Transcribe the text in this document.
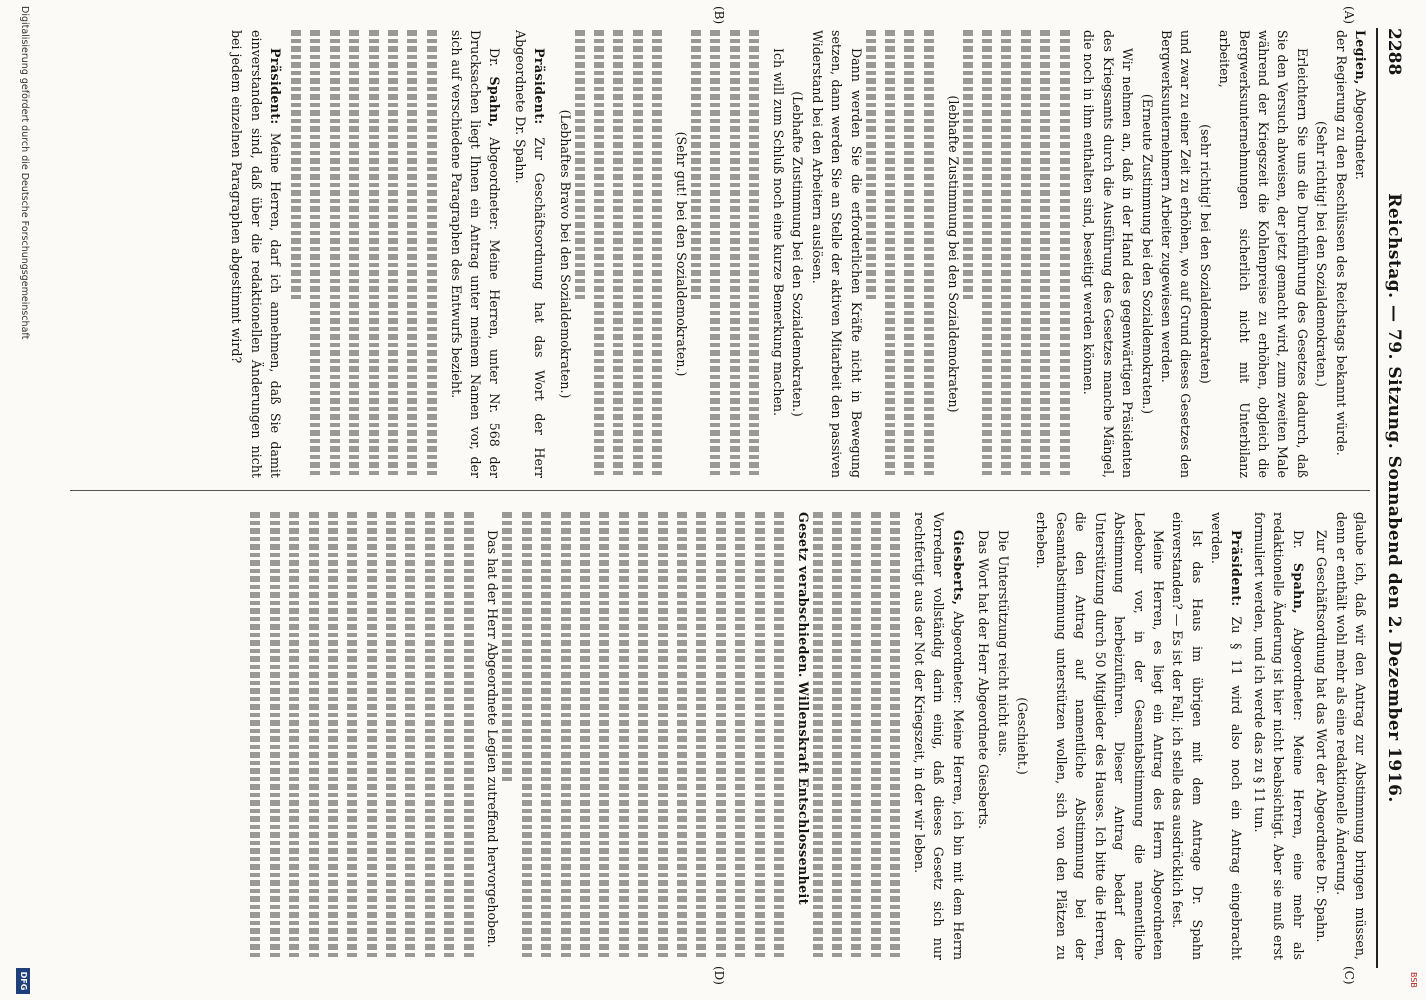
2288
Reichstag. — 79. Sitzung. Sonnabend den 2. Dezember 1916.
(A)
(B)
(C)
(D)

Legien, Abgeordneter.

der Regierung zu den Beschlüssen des Reichstags bekannt würde.

(Sehr richtig! bei den Sozialdemokraten.)

Erleichtern Sie uns die Durchführung des Gesetzes dadurch, daß Sie den Versuch abweisen, der jetzt gemacht wird, zum zweiten Male während der Kriegszeit die Kohlenpreise zu erhöhen, obgleich die Bergwerksunternehmungen sicherlich nicht mit Unterbilanz arbeiten,

(sehr richtig! bei den Sozialdemokraten)

und zwar zu einer Zeit zu erhöhen, wo auf Grund dieses Gesetzes den Bergwerksunternehmern Arbeiter zugewiesen werden.

(Erneute Zustimmung bei den Sozialdemokraten.)

Wir nehmen an, daß in der Hand des gegenwärtigen Präsidenten des Kriegsamts durch die Ausführung des Gesetzes manche Mängel, die noch in ihm enthalten sind, beseitigt werden können.

(lebhafte Zustimmung bei den Sozialdemokraten)

Dann werden Sie die erforderlichen Kräfte nicht in Bewegung setzen, dann werden Sie an Stelle der aktiven Mitarbeit den passiven Widerstand bei den Arbeitern auslösen.

(Lebhafte Zustimmung bei den Sozialdemokraten.)

Ich will zum Schluß noch eine kurze Bemerkung machen.

(Sehr gut! bei den Sozialdemokraten.)

(Lebhaftes Bravo bei den Sozialdemokraten.)

Präsident: Zur Geschäftsordnung hat das Wort der Herr Abgeordnete Dr. Spahn.

Dr. Spahn, Abgeordneter: Meine Herren, unter Nr. 568 der Drucksachen liegt Ihnen ein Antrag unter meinem Namen vor, der sich auf verschiedene Paragraphen des Entwurfs bezieht.

Präsident: Meine Herren, darf ich annehmen, daß Sie damit einverstanden sind, daß über die redaktionellen Änderungen nicht bei jedem einzelnen Paragraphen abgestimmt wird?

glaube ich, daß wir den Antrag zur Abstimmung bringen müssen, denn er enthält wohl mehr als eine redaktionelle Änderung.

Zur Geschäftsordnung hat das Wort der Abgeordnete Dr. Spahn.

Dr. Spahn, Abgeordneter: Meine Herren, eine mehr als redaktionelle Änderung ist hier nicht beabsichtigt. Aber sie muß erst formuliert werden, und ich werde das zu § 11 tun.

Präsident: Zu § 11 wird also noch ein Antrag eingebracht werden.

Ist das Haus im übrigen mit dem Antrage Dr. Spahn einverstanden? — Es ist der Fall; ich stelle das ausdrücklich fest.

Meine Herren, es liegt ein Antrag des Herrn Abgeordneten Ledebour vor, in der Gesamtabstimmung die namentliche Abstimmung herbeizuführen. Dieser Antrag bedarf der Unterstützung durch 50 Mitglieder des Hauses. Ich bitte die Herren, die den Antrag auf namentliche Abstimmung bei der Gesamtabstimmung unterstützen wollen, sich von den Plätzen zu erheben.

(Geschieht.)

Die Unterstützung reicht nicht aus.

Das Wort hat der Herr Abgeordnete Giesberts.

Giesberts, Abgeordneter: Meine Herren, ich bin mit dem Herrn Vorredner vollständig darin einig, daß dieses Gesetz sich nur rechtfertigt aus der Not der Kriegszeit, in der wir leben.

Gesetz verabschieden. Willenskraft Entschlossenheit

Das hat der Herr Abgeordnete Legien zutreffend hervorgehoben.

Digitalisierung gefördert durch die Deutsche Forschungsgemeinschaft
DFG	BSB
